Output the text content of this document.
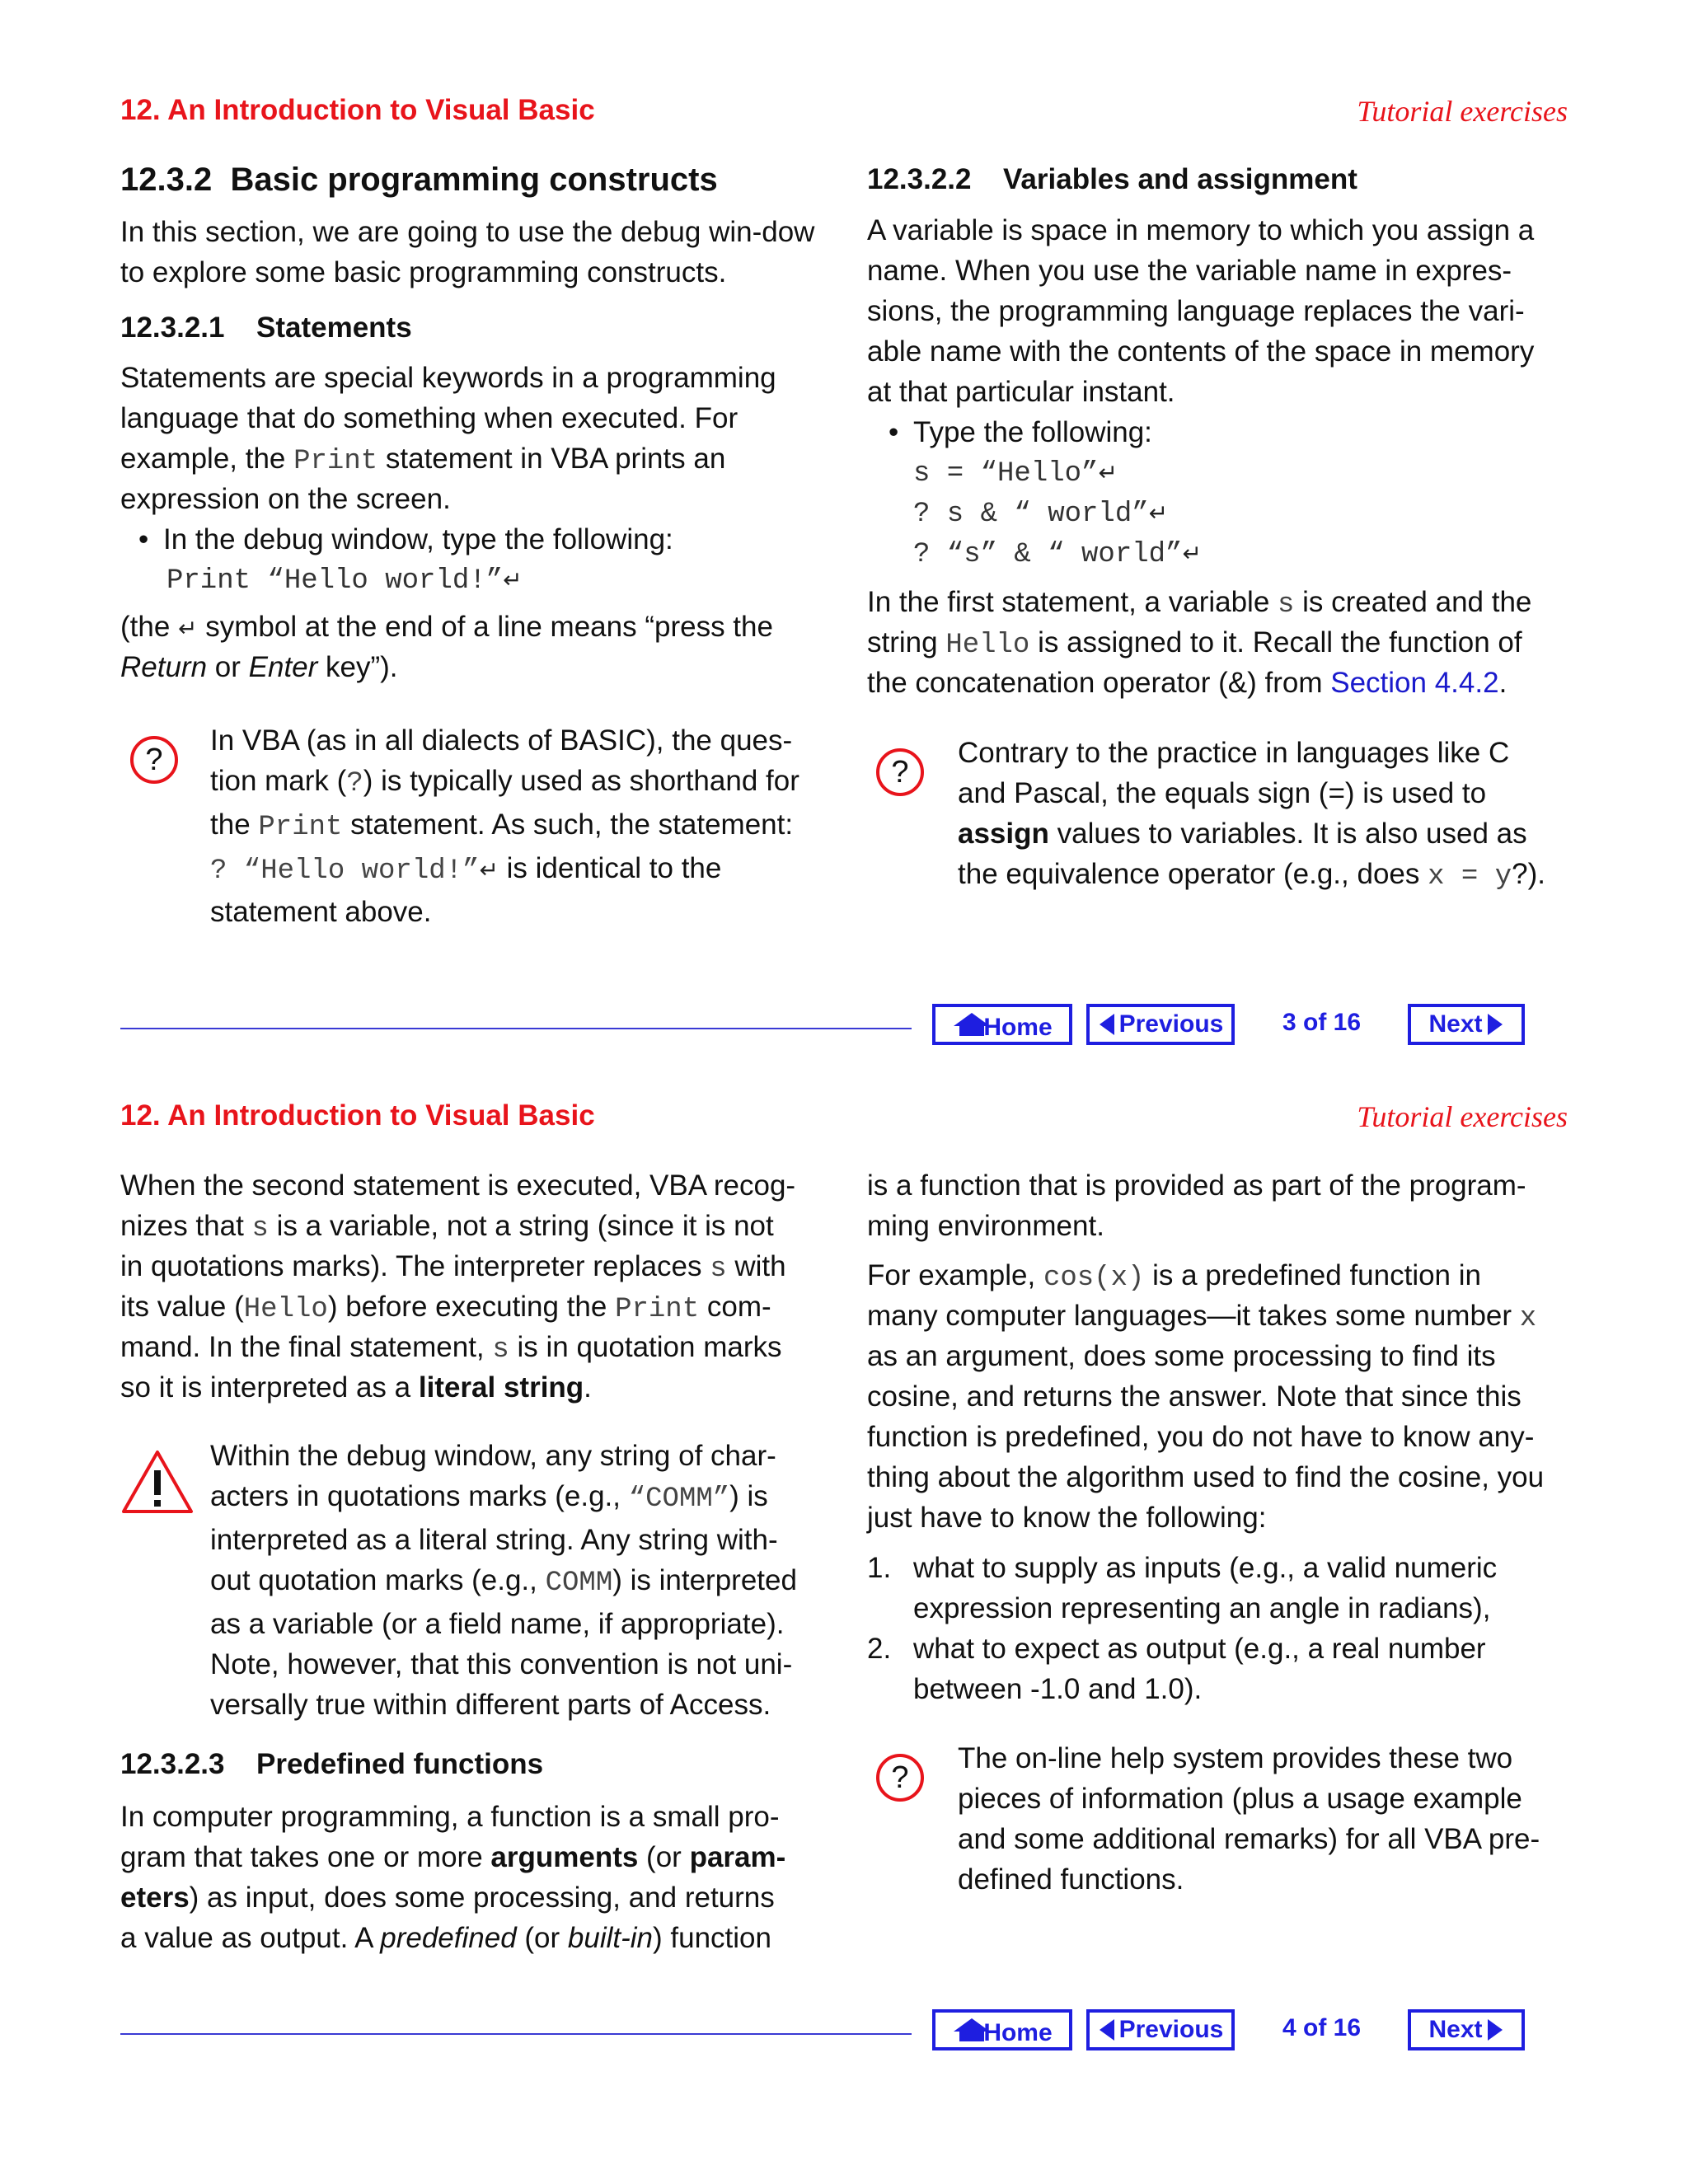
12. An Introduction to Visual Basic	Tutorial exercises
12.3.2 Basic programming constructs

In this section, we are going to use the debug win-dow to explore some basic programming constructs.

12.3.2.1 Statements

Statements are special keywords in a programming

language that do something when executed. For

example, the Print statement in VBA prints an

expression on the screen.

• In the debug window, type the following:
Print “Hello world!”↵

(the ↵ symbol at the end of a line means “press the

Return or Enter key”).

?
In VBA (as in all dialects of BASIC), the ques-
tion mark (?) is typically used as shorthand for
the Print statement. As such, the statement:
? “Hello world!”↵ is identical to the
statement above.
12.3.2.2 Variables and assignment

A variable is space in memory to which you assign a

name. When you use the variable name in expres-

sions, the programming language replaces the vari-

able name with the contents of the space in memory

at that particular instant.

• Type the following:
s = “Hello”↵
? s & “ world”↵
? “s” & “ world”↵

In the first statement, a variable s is created and the

string Hello is assigned to it. Recall the function of

the concatenation operator (&) from Section 4.4.2.

?
Contrary to the practice in languages like C
and Pascal, the equals sign (=) is used to
assign values to variables. It is also used as
the equivalence operator (e.g., does x = y?).
Home	Previous 3 of 16	Next
12. An Introduction to Visual Basic	Tutorial exercises

When the second statement is executed, VBA recog-

nizes that s is a variable, not a string (since it is not

in quotations marks). The interpreter replaces s with

its value (Hello) before executing the Print com-

mand. In the final statement, s is in quotation marks

so it is interpreted as a literal string.

Within the debug window, any string of char-
acters in quotations marks (e.g., “COMM”) is
interpreted as a literal string. Any string with-
out quotation marks (e.g., COMM) is interpreted
as a variable (or a field name, if appropriate).
Note, however, that this convention is not uni-
versally true within different parts of Access.
12.3.2.3 Predefined functions

In computer programming, a function is a small pro-

gram that takes one or more arguments (or param-

eters) as input, does some processing, and returns

a value as output. A predefined (or built-in) function

is a function that is provided as part of the program-

ming environment.

For example, cos(x) is a predefined function in

many computer languages—it takes some number x

as an argument, does some processing to find its

cosine, and returns the answer. Note that since this

function is predefined, you do not have to know any-

thing about the algorithm used to find the cosine, you

just have to know the following:

1. what to supply as inputs (e.g., a valid numeric
expression representing an angle in radians),
2. what to expect as output (e.g., a real number
between -1.0 and 1.0).
?
The on-line help system provides these two
pieces of information (plus a usage example
and some additional remarks) for all VBA pre-
defined functions.
Home	Previous 4 of 16	Next
